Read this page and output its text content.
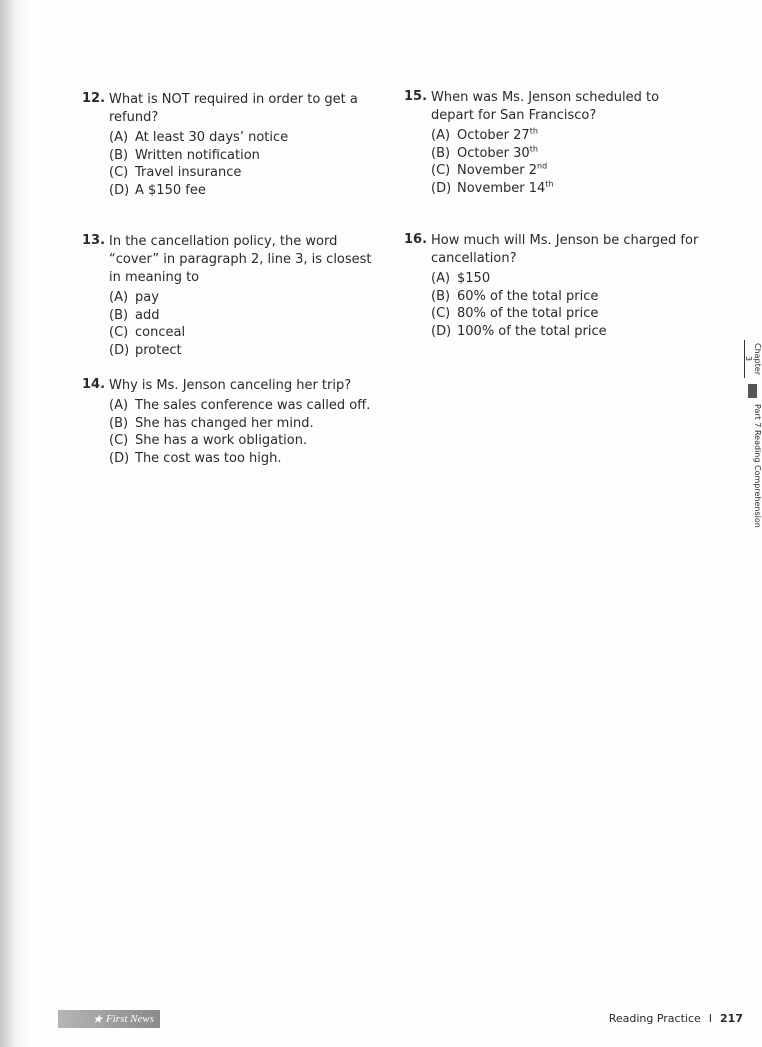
12. What is NOT required in order to get a refund?
(A) At least 30 days’ notice
(B) Written notification
(C) Travel insurance
(D) A $150 fee
13. In the cancellation policy, the word “cover” in paragraph 2, line 3, is closest in meaning to
(A) pay
(B) add
(C) conceal
(D) protect
14. Why is Ms. Jenson canceling her trip?
(A) The sales conference was called off.
(B) She has changed her mind.
(C) She has a work obligation.
(D) The cost was too high.
15. When was Ms. Jenson scheduled to depart for San Francisco?
(A) October 27th
(B) October 30th
(C) November 2nd
(D) November 14th
16. How much will Ms. Jenson be charged for cancellation?
(A) $150
(B) 60% of the total price
(C) 80% of the total price
(D) 100% of the total price
Chapter 3
Part 7 Reading Comprehension
★ First News	Reading Practice I 217
